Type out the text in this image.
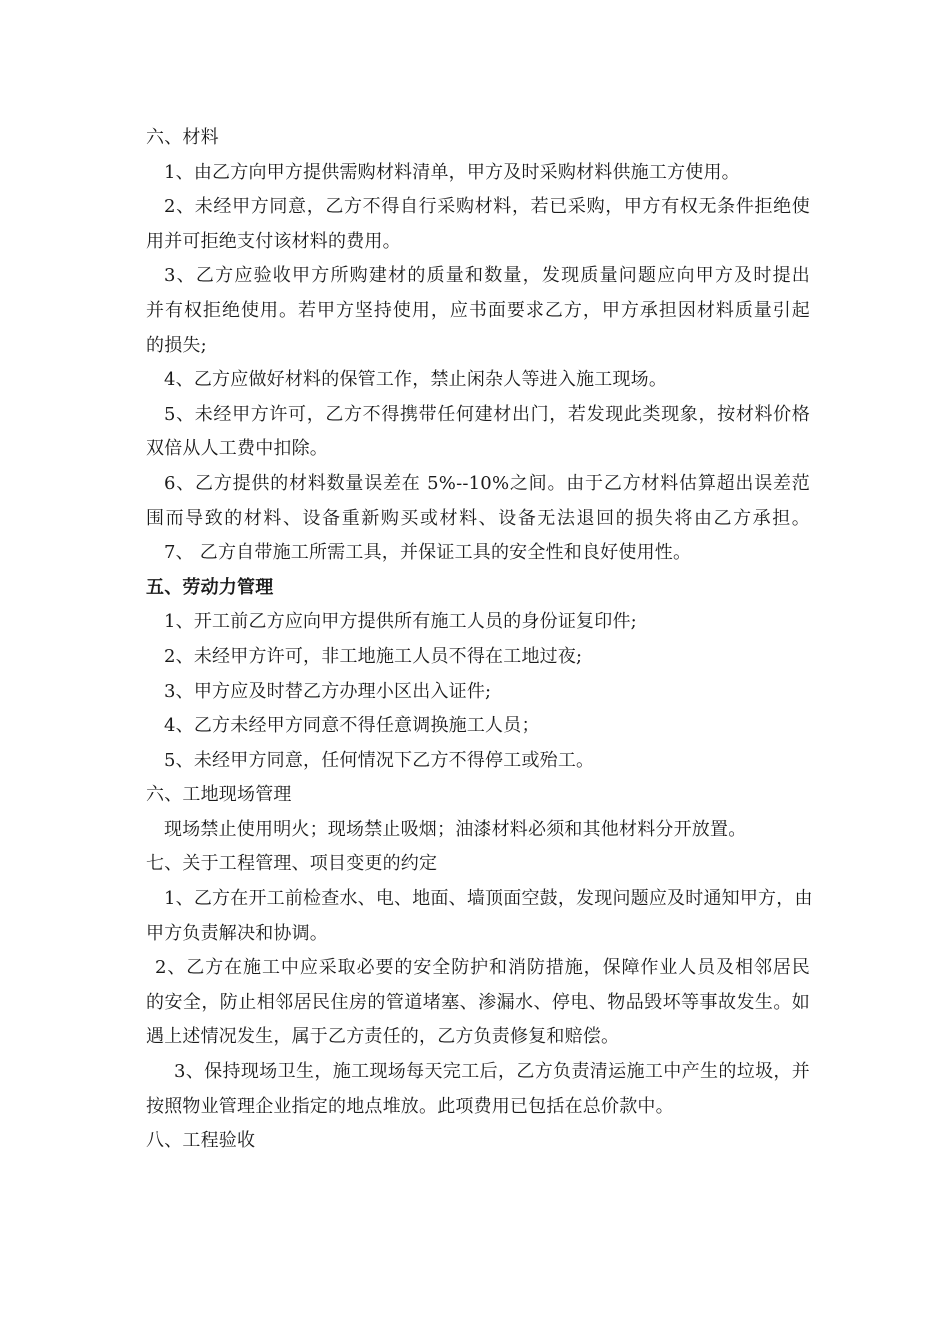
六、材料
1、由乙方向甲方提供需购材料清单，甲方及时采购材料供施工方使用。
2、未经甲方同意，乙方不得自行采购材料，若已采购，甲方有权无条件拒绝使
用并可拒绝支付该材料的费用。
3、乙方应验收甲方所购建材的质量和数量，发现质量问题应向甲方及时提出
并有权拒绝使用。若甲方坚持使用，应书面要求乙方，甲方承担因材料质量引起
的损失;
4、乙方应做好材料的保管工作，禁止闲杂人等进入施工现场。
5、未经甲方许可，乙方不得携带任何建材出门，若发现此类现象，按材料价格
双倍从人工费中扣除。
6、乙方提供的材料数量误差在 5%--10%之间。由于乙方材料估算超出误差范
围而导致的材料、设备重新购买或材料、设备无法退回的损失将由乙方承担。
7、 乙方自带施工所需工具，并保证工具的安全性和良好使用性。
五、劳动力管理
1、开工前乙方应向甲方提供所有施工人员的身份证复印件;
2、未经甲方许可，非工地施工人员不得在工地过夜;
3、甲方应及时替乙方办理小区出入证件;
4、乙方未经甲方同意不得任意调换施工人员；
5、未经甲方同意，任何情况下乙方不得停工或殆工。
六、工地现场管理
现场禁止使用明火；现场禁止吸烟；油漆材料必须和其他材料分开放置。
七、关于工程管理、项目变更的约定
1、乙方在开工前检查水、电、地面、墙顶面空鼓，发现问题应及时通知甲方，由
甲方负责解决和协调。
2、乙方在施工中应采取必要的安全防护和消防措施，保障作业人员及相邻居民
的安全，防止相邻居民住房的管道堵塞、渗漏水、停电、物品毁坏等事故发生。如
遇上述情况发生，属于乙方责任的，乙方负责修复和赔偿。
3、保持现场卫生，施工现场每天完工后，乙方负责清运施工中产生的垃圾，并
按照物业管理企业指定的地点堆放。此项费用已包括在总价款中。
八、工程验收
